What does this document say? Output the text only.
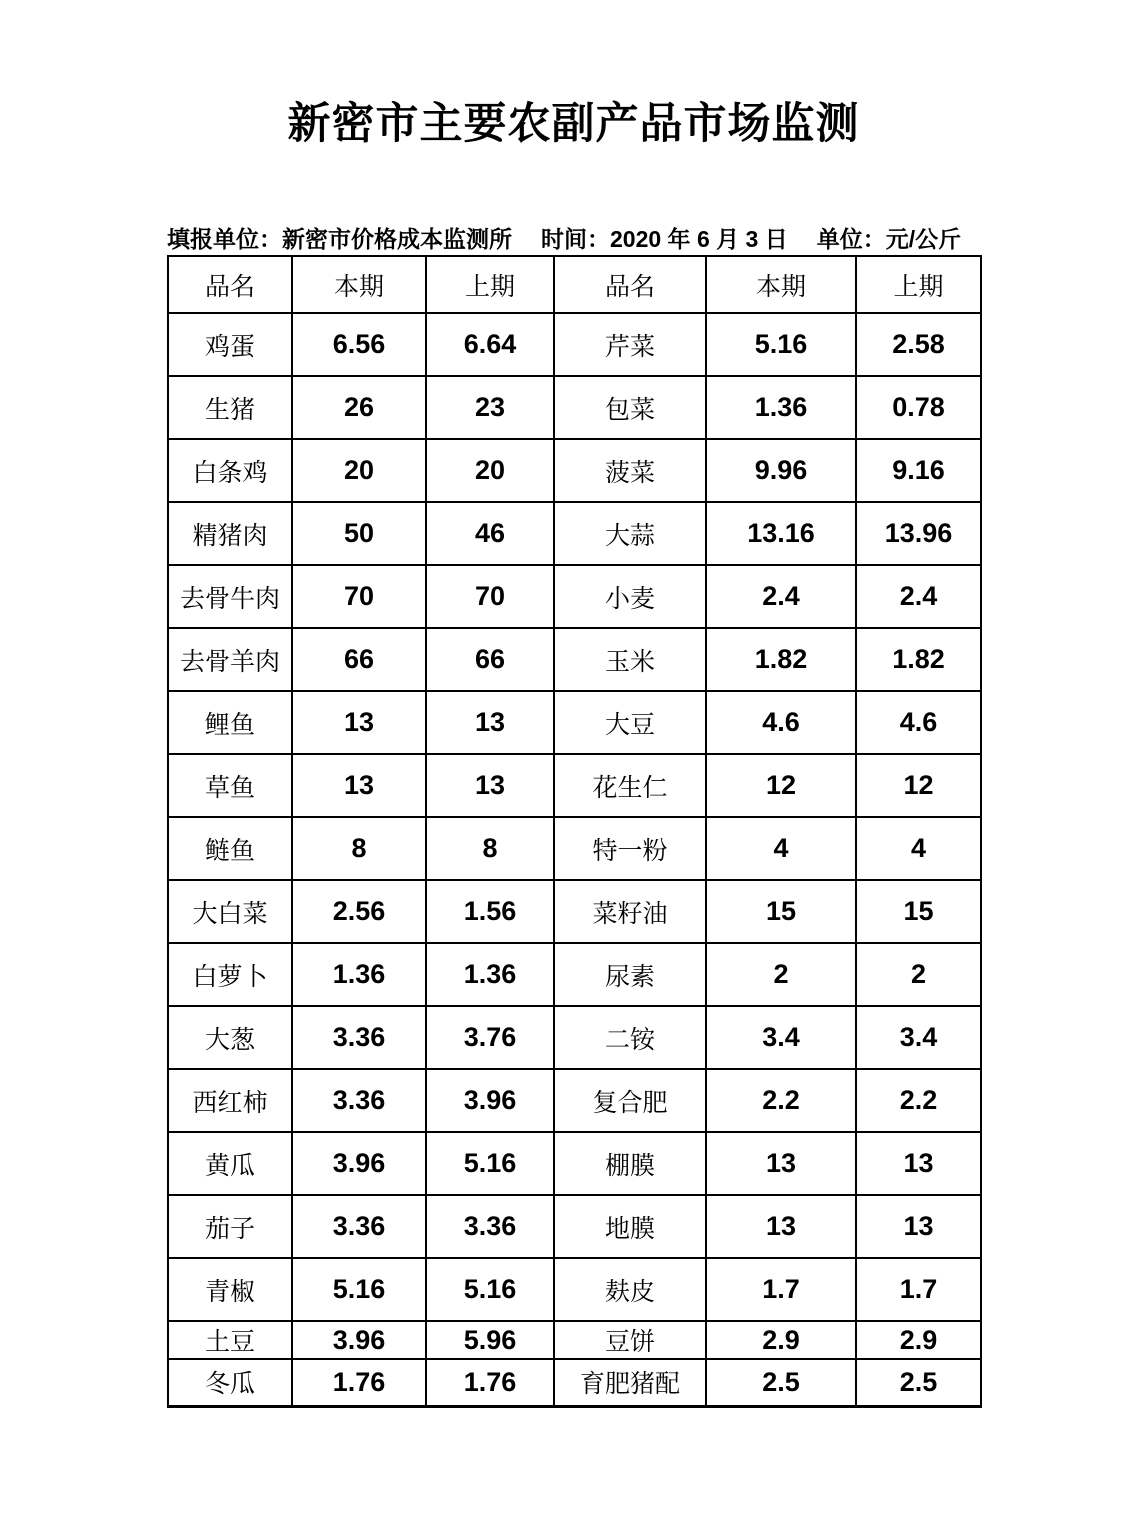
新密市主要农副产品市场监测
填报单位：新密市价格成本监测所 时间：2020 年 6 月 3 日 单位：元/公斤
品名	本期	上期	品名	本期	上期
鸡蛋	6.56	6.64	芹菜	5.16	2.58
生猪	26	23	包菜	1.36	0.78
白条鸡	20	20	菠菜	9.96	9.16
精猪肉	50	46	大蒜	13.16	13.96
去骨牛肉	70	70	小麦	2.4	2.4
去骨羊肉	66	66	玉米	1.82	1.82
鲤鱼	13	13	大豆	4.6	4.6
草鱼	13	13	花生仁	12	12
鲢鱼	8	8	特一粉	4	4
大白菜	2.56	1.56	菜籽油	15	15
白萝卜	1.36	1.36	尿素	2	2
大葱	3.36	3.76	二铵	3.4	3.4
西红柿	3.36	3.96	复合肥	2.2	2.2
黄瓜	3.96	5.16	棚膜	13	13
茄子	3.36	3.36	地膜	13	13
青椒	5.16	5.16	麸皮	1.7	1.7
土豆	3.96	5.96	豆饼	2.9	2.9
冬瓜	1.76	1.76	育肥猪配	2.5	2.5
